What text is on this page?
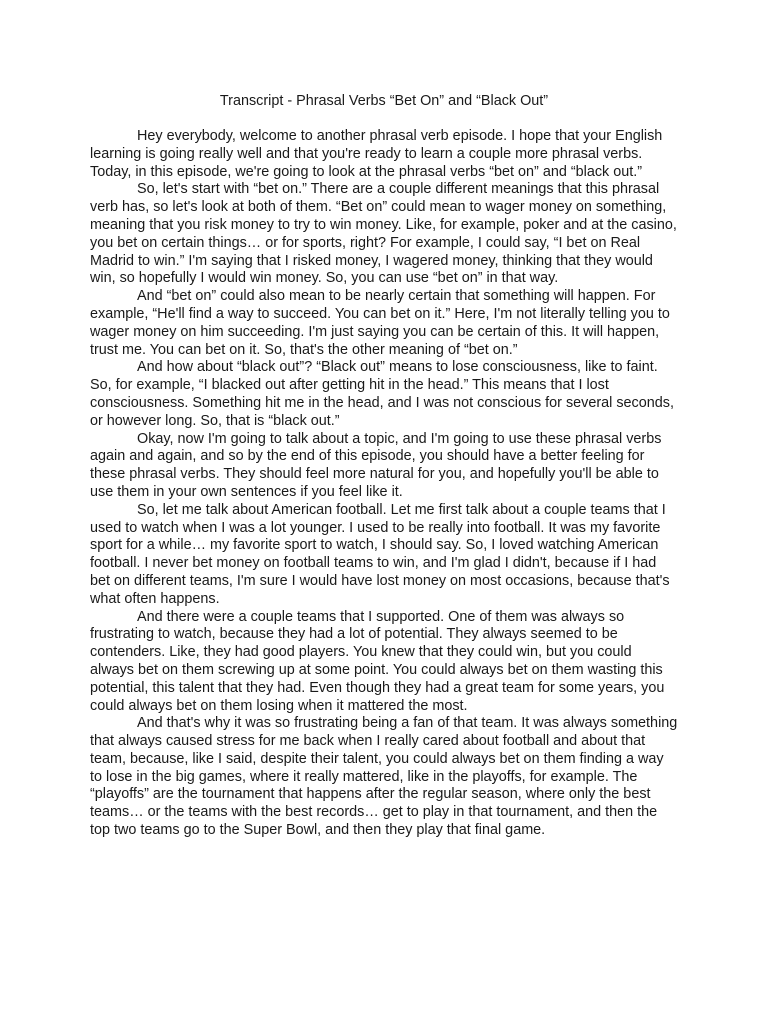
Transcript - Phrasal Verbs “Bet On” and “Black Out”

Hey everybody, welcome to another phrasal verb episode. I hope that your English learning is going really well and that you're ready to learn a couple more phrasal verbs. Today, in this episode, we're going to look at the phrasal verbs “bet on” and “black out.”

So, let's start with “bet on.” There are a couple different meanings that this phrasal verb has, so let's look at both of them. “Bet on” could mean to wager money on something, meaning that you risk money to try to win money. Like, for example, poker and at the casino, you bet on certain things… or for sports, right? For example, I could say, “I bet on Real Madrid to win.” I'm saying that I risked money, I wagered money, thinking that they would win, so hopefully I would win money. So, you can use “bet on” in that way.

And “bet on” could also mean to be nearly certain that something will happen. For example, “He'll find a way to succeed. You can bet on it.” Here, I'm not literally telling you to wager money on him succeeding. I'm just saying you can be certain of this. It will happen, trust me. You can bet on it. So, that's the other meaning of “bet on.”

And how about “black out”? “Black out” means to lose consciousness, like to faint. So, for example, “I blacked out after getting hit in the head.” This means that I lost consciousness. Something hit me in the head, and I was not conscious for several seconds, or however long. So, that is “black out.”

Okay, now I'm going to talk about a topic, and I'm going to use these phrasal verbs again and again, and so by the end of this episode, you should have a better feeling for these phrasal verbs. They should feel more natural for you, and hopefully you'll be able to use them in your own sentences if you feel like it.

So, let me talk about American football. Let me first talk about a couple teams that I used to watch when I was a lot younger. I used to be really into football. It was my favorite sport for a while… my favorite sport to watch, I should say. So, I loved watching American football. I never bet money on football teams to win, and I'm glad I didn't, because if I had bet on different teams, I'm sure I would have lost money on most occasions, because that's what often happens.

And there were a couple teams that I supported. One of them was always so frustrating to watch, because they had a lot of potential. They always seemed to be contenders. Like, they had good players. You knew that they could win, but you could always bet on them screwing up at some point. You could always bet on them wasting this potential, this talent that they had. Even though they had a great team for some years, you could always bet on them losing when it mattered the most.

And that's why it was so frustrating being a fan of that team. It was always something that always caused stress for me back when I really cared about football and about that team, because, like I said, despite their talent, you could always bet on them finding a way to lose in the big games, where it really mattered, like in the playoffs, for example. The “playoffs” are the tournament that happens after the regular season, where only the best teams… or the teams with the best records… get to play in that tournament, and then the top two teams go to the Super Bowl, and then they play that final game.
